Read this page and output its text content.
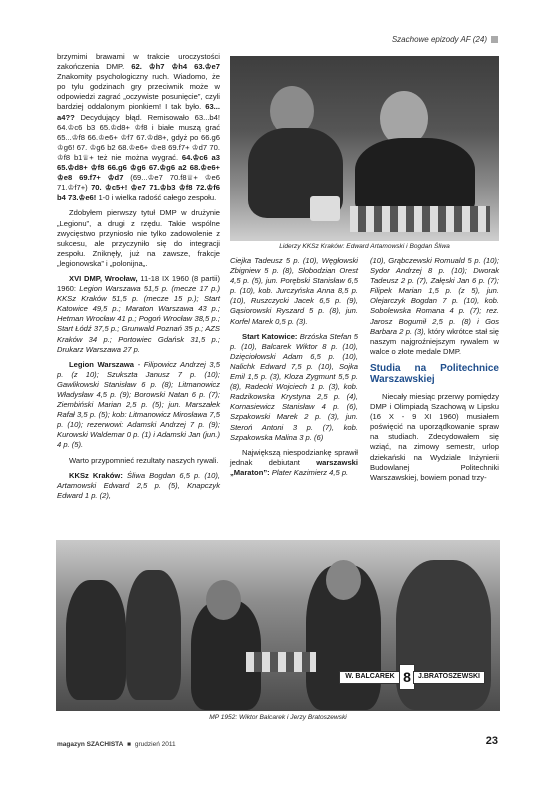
Szachowe epizody AF (24)

brzymimi brawami w trakcie uroczystości zakończenia DMP. 62. ♔h7 ♔h4 63.♔e7 Znakomity psychologiczny ruch. Wiadomo, że po tylu godzinach gry przeciwnik może w odpowiedzi zagrać „oczywiste posunięcie”, czyli bardziej oddalonym pionkiem! I tak było. 63... a4?? Decydujący błąd. Remisowało 63...b4! 64.♔c6 b3 65.♔d8+ ♔f8 i białe muszą grać 65...♔f8 66.♔e6+ ♔f7 67.♔d8+, gdyż po 66.g6 ♔g6! 67. ♔g6 b2 68.♔e6+ ♔e8 69.f7+ ♔d7 70. ♔f8 b1♕+ też nie można wygrać. 64.♔c6 a3 65.♔d8+ ♔f8 66.g6 ♔g6 67.♔g6 a2 68.♔e6+ ♔e8 69.f7+ ♔d7 (69...♔e7 70.f8♕+ ♔e6 71.♔f7+) 70. ♔c5+! ♔e7 71.♔b3 ♔f8 72.♔f6 b4 73.♔e6! 1-0 i wielka radość całego zespołu.

Zdobyłem pierwszy tytuł DMP w drużynie „Legionu”, a drugi z rzędu. Takie wspólne zwycięstwo przyniosło nie tylko zadowolenie z sukcesu, ale przyczyniło się do integracji zespołu. Zniknęły, już na zawsze, frakcje „legionowska” i „polonijna„.

XVI DMP, Wrocław, 11-18 IX 1960 (8 partii) 1960: Legion Warszawa 51,5 p. (mecze 17 p.) KKSz Kraków 51,5 p. (mecze 15 p.); Start Katowice 49,5 p.; Maraton Warszawa 43 p.; Hetman Wrocław 41 p.; Pogoń Wrocław 38,5 p.; Start Łódź 37,5 p.; Grunwald Poznań 35 p.; AZS Kraków 34 p.; Portowiec Gdańsk 31,5 p.; Drukarz Warszawa 27 p.

Legion Warszawa - Filipowicz Andrzej 3,5 p. (z 10); Szukszta Janusz 7 p. (10); Gawlikowski Stanisław 6 p. (8); Litmanowicz Władysław 4,5 p. (9); Borowski Natan 6 p. (7); Ziembiński Marian 2,5 p. (5); jun. Marszałek Rafał 3,5 p. (5); kob: Litmanowicz Mirosława 7,5 p. (10); rezerwowi: Adamski Andrzej 7 p. (9); Kurowski Waldemar 0 p. (1) i Adamski Jan (jun.) 4 p. (5).

Warto przypomnieć rezultaty naszych rywali.

KKSz Kraków: Śliwa Bogdan 6,5 p. (10), Artamowski Edward 2,5 p. (5), Knapczyk Edward 1 p. (2),

Liderzy KKSz Kraków: Edward Artamowski i Bogdan Śliwa

Ciejka Tadeusz 5 p. (10), Węgłowski Zbigniew 5 p. (8), Słobodzian Orest 4,5 p. (5), jun. Porębski Stanisław 6,5 p. (10), kob. Jurczyńska Anna 8,5 p. (10), Ruszczycki Jacek 6,5 p. (9), Gąsiorowski Ryszard 5 p. (8), jun. Korfel Marek 0,5 p. (3).

Start Katowice: Brzóska Stefan 5 p. (10), Balcarek Wiktor 8 p. (10), Dzięciołowski Adam 6,5 p. (10), Nalichk Edward 7,5 p. (10), Sojka Emil 1,5 p. (3), Kloza Zygmunt 5,5 p. (8), Radecki Wojciech 1 p. (3), kob. Radzikowska Krystyna 2,5 p. (4), Kornasiewicz Stanisław 4 p. (6), Szpakowski Marek 2 p. (3), jun. Steroń Antoni 3 p. (7), kob. Szpakowska Malina 3 p. (6)

Największą niespodziankę sprawił jednak debiutant warszawski „Maraton”: Plater Kazimierz 4,5 p.

(10), Grąbczewski Romuald 5 p. (10); Sydor Andrzej 8 p. (10); Dworak Tadeusz 2 p. (7), Załęski Jan 6 p. (7); Filipek Marian 1,5 p. (z 5), jun. Olejarczyk Bogdan 7 p. (10), kob. Sobolewska Romana 4 p. (7); rez. Jarosz Bogumił 2,5 p. (8) i Gos Barbara 2 p. (3), który wkrótce stał się naszym najgroźniejszym rywalem w walce o złote medale DMP.

Studia na Politechnice Warszawskiej

Niecały miesiąc przerwy pomiędzy DMP i Olimpiadą Szachową w Lipsku (16 X - 9 XI 1960) musiałem poświęcić na uporządkowanie spraw na studiach. Zdecydowałem się wziąć, na zimowy semestr, urlop dziekański na Wydziale Inżynierii Budowlanej Politechniki Warszawskiej, bowiem ponad trzy-

W. BALCAREK 8	J.BRATOSZEWSKI
MP 1952: Wiktor Balcarek i Jerzy Bratoszewski
magazyn SZACHISTA ■ grudzień 2011	23
